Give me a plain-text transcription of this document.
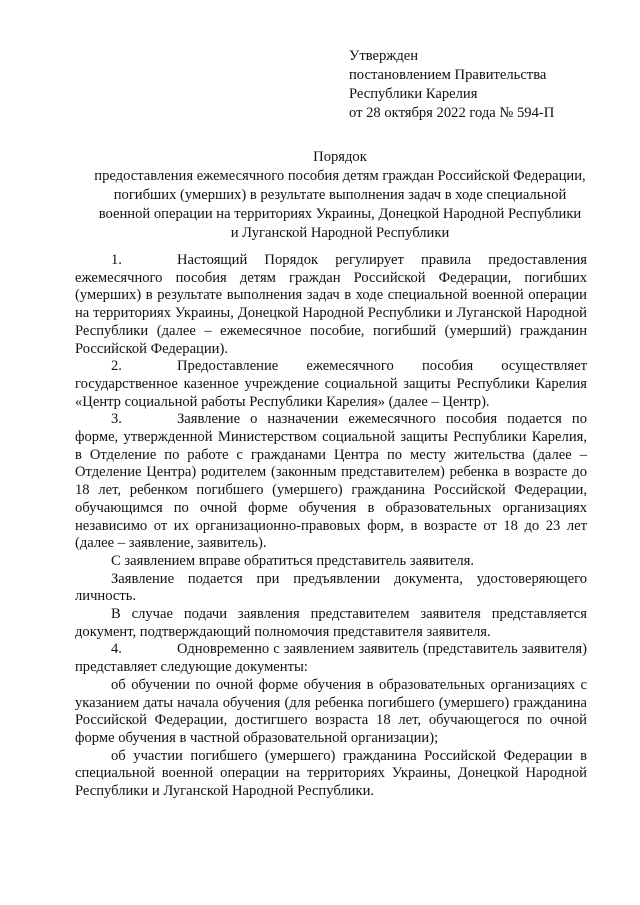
Утвержден
постановлением Правительства
Республики Карелия
от 28 октября 2022 года № 594-П
Порядок
предоставления ежемесячного пособия детям граждан Российской Федерации,
погибших (умерших) в результате выполнения задач в ходе специальной
военной операции на территориях Украины, Донецкой Народной Республики
и Луганской Народной Республики

1.	Настоящий Порядок регулирует правила предоставления ежемесячного пособия детям граждан Российской Федерации, погибших (умерших) в результате выполнения задач в ходе специальной военной операции на территориях Украины, Донецкой Народной Республики и Луганской Народной Республики (далее – ежемесячное пособие, погибший (умерший) гражданин Российской Федерации).

2.	Предоставление ежемесячного пособия осуществляет государственное казенное учреждение социальной защиты Республики Карелия «Центр социальной работы Республики Карелия» (далее – Центр).

3.	Заявление о назначении ежемесячного пособия подается по форме, утвержденной Министерством социальной защиты Республики Карелия, в Отделение по работе с гражданами Центра по месту жительства (далее – Отделение Центра) родителем (законным представителем) ребенка в возрасте до 18 лет, ребенком погибшего (умершего) гражданина Российской Федерации, обучающимся по очной форме обучения в образовательных организациях независимо от их организационно-правовых форм, в возрасте от 18 до 23 лет (далее – заявление, заявитель).

С заявлением вправе обратиться представитель заявителя.

Заявление подается при предъявлении документа, удостоверяющего личность.

В случае подачи заявления представителем заявителя представляется документ, подтверждающий полномочия представителя заявителя.

4.	Одновременно с заявлением заявитель (представитель заявителя) представляет следующие документы:

об обучении по очной форме обучения в образовательных организациях с указанием даты начала обучения (для ребенка погибшего (умершего) гражданина Российской Федерации, достигшего возраста 18 лет, обучающегося по очной форме обучения в частной образовательной организации);

об участии погибшего (умершего) гражданина Российской Федерации в специальной военной операции на территориях Украины, Донецкой Народной Республики и Луганской Народной Республики.
